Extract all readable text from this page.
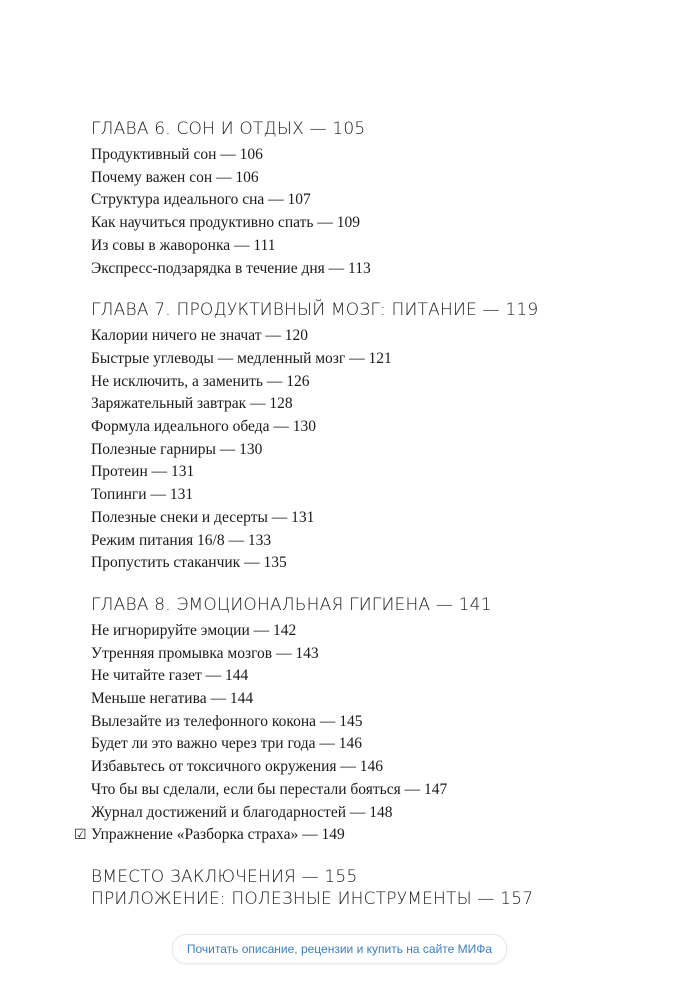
ГЛАВА 6. СОН И ОТДЫХ — 105
Продуктивный сон — 106
Почему важен сон — 106
Структура идеального сна — 107
Как научиться продуктивно спать — 109
Из совы в жаворонка — 111
Экспресс-подзарядка в течение дня — 113
ГЛАВА 7. ПРОДУКТИВНЫЙ МОЗГ: ПИТАНИЕ — 119
Калории ничего не значат — 120
Быстрые углеводы — медленный мозг — 121
Не исключить, а заменить — 126
Заряжательный завтрак — 128
Формула идеального обеда — 130
Полезные гарниры — 130
Протеин — 131
Топинги — 131
Полезные снеки и десерты — 131
Режим питания 16/8 — 133
Пропустить стаканчик — 135
ГЛАВА 8. ЭМОЦИОНАЛЬНАЯ ГИГИЕНА — 141
Не игнорируйте эмоции — 142
Утренняя промывка мозгов — 143
Не читайте газет — 144
Меньше негатива — 144
Вылезайте из телефонного кокона — 145
Будет ли это важно через три года — 146
Избавьтесь от токсичного окружения — 146
Что бы вы сделали, если бы перестали бояться — 147
Журнал достижений и благодарностей — 148
☑ Упражнение «Разборка страха» — 149
ВМЕСТО ЗАКЛЮЧЕНИЯ — 155
ПРИЛОЖЕНИЕ: ПОЛЕЗНЫЕ ИНСТРУМЕНТЫ — 157
Почитать описание, рецензии и купить на сайте МИФа
